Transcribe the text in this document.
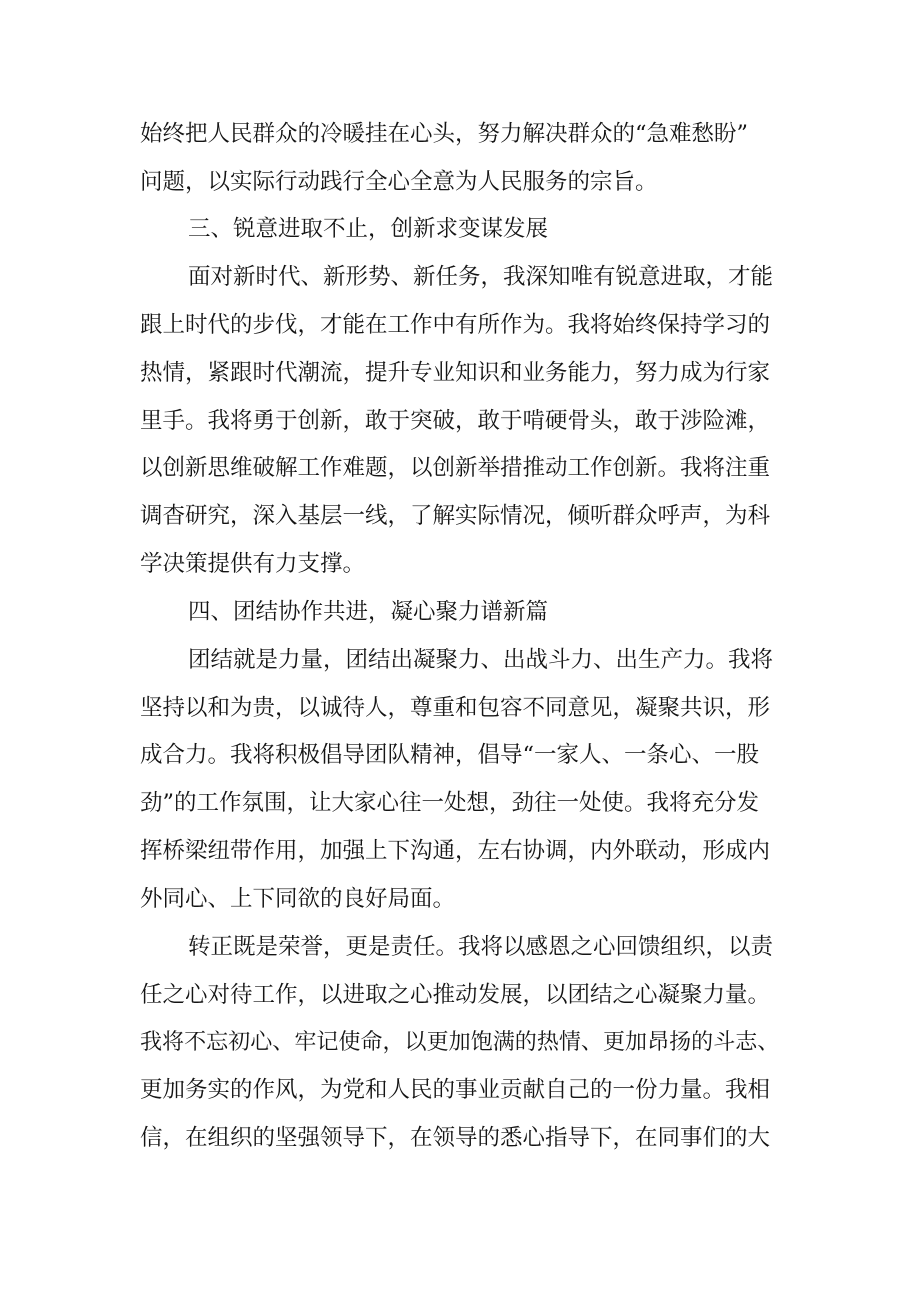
始终把人民群众的冷暖挂在心头，努力解决群众的“急难愁盼”

问题，以实际行动践行全心全意为人民服务的宗旨。

三、锐意进取不止，创新求变谋发展

面对新时代、新形势、新任务，我深知唯有锐意进取，才能

跟上时代的步伐，才能在工作中有所作为。我将始终保持学习的

热情，紧跟时代潮流，提升专业知识和业务能力，努力成为行家

里手。我将勇于创新，敢于突破，敢于啃硬骨头，敢于涉险滩，

以创新思维破解工作难题，以创新举措推动工作创新。我将注重

调杳研究，深入基层一线，了解实际情况，倾听群众呼声，为科

学决策提供有力支撑。

四、团结协作共进，凝心聚力谱新篇

团结就是力量，团结出凝聚力、出战斗力、出生产力。我将

坚持以和为贵，以诚待人，尊重和包容不同意见，凝聚共识，形

成合力。我将积极倡导团队精神，倡导“一家人、一条心、一股

劲”的工作氛围，让大家心往一处想，劲往一处使。我将充分发

挥桥梁纽带作用，加强上下沟通，左右协调，内外联动，形成内

外同心、上下同欲的良好局面。

转正既是荣誉，更是责任。我将以感恩之心回馈组织，以责

任之心对待工作，以进取之心推动发展，以团结之心凝聚力量。

我将不忘初心、牢记使命，以更加饱满的热情、更加昂扬的斗志、

更加务实的作风，为党和人民的事业贡献自己的一份力量。我相

信，在组织的坚强领导下，在领导的悉心指导下，在同事们的大
